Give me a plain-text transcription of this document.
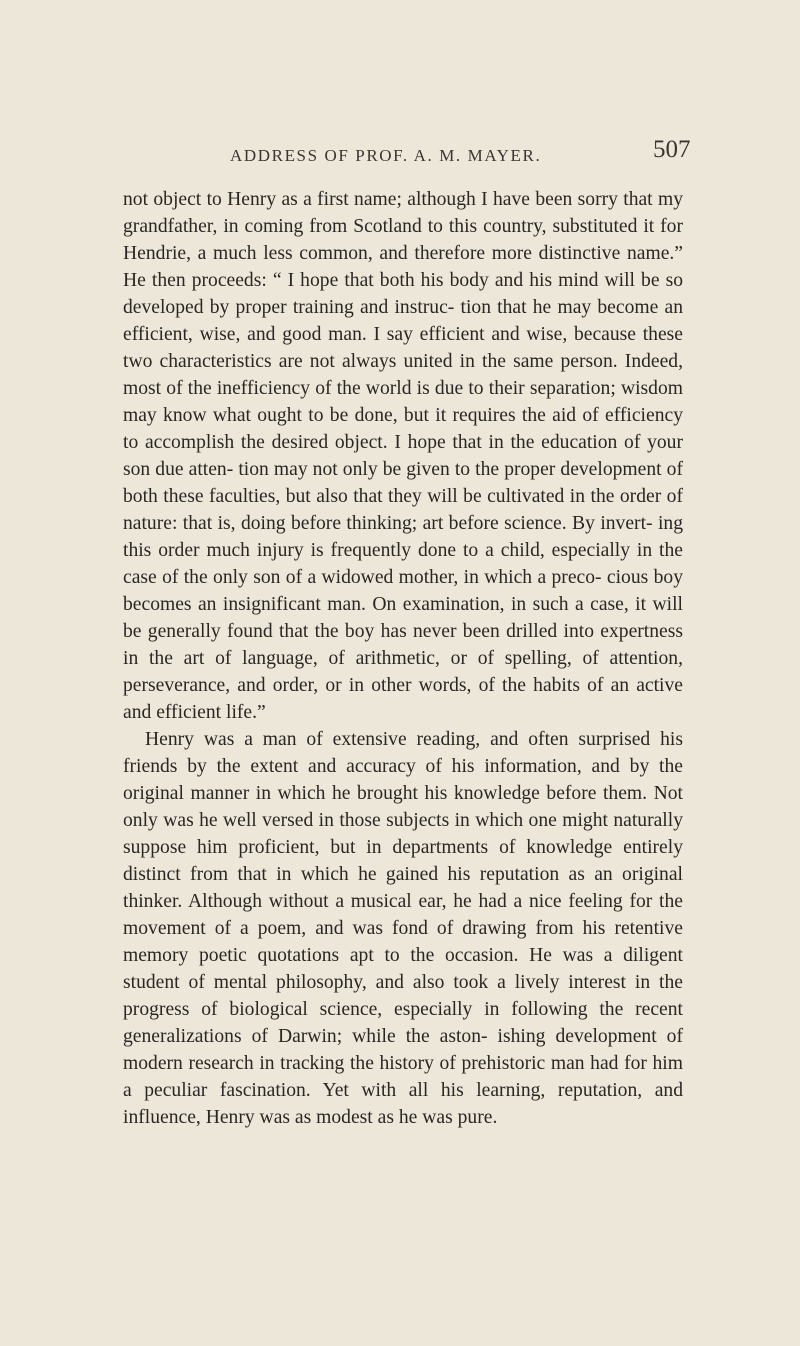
ADDRESS OF PROF. A. M. MAYER.	507

not object to Henry as a first name; although I have been sorry that my grandfather, in coming from Scotland to this country, substituted it for Hendrie, a much less common, and therefore more distinctive name.” He then proceeds: “ I hope that both his body and his mind will be so developed by proper training and instruc- tion that he may become an efficient, wise, and good man. I say efficient and wise, because these two characteristics are not always united in the same person. Indeed, most of the inefficiency of the world is due to their separation; wisdom may know what ought to be done, but it requires the aid of efficiency to accomplish the desired object. I hope that in the education of your son due atten- tion may not only be given to the proper development of both these faculties, but also that they will be cultivated in the order of nature: that is, doing before thinking; art before science. By invert- ing this order much injury is frequently done to a child, especially in the case of the only son of a widowed mother, in which a preco- cious boy becomes an insignificant man. On examination, in such a case, it will be generally found that the boy has never been drilled into expertness in the art of language, of arithmetic, or of spelling, of attention, perseverance, and order, or in other words, of the habits of an active and efficient life.”

Henry was a man of extensive reading, and often surprised his friends by the extent and accuracy of his information, and by the original manner in which he brought his knowledge before them. Not only was he well versed in those subjects in which one might naturally suppose him proficient, but in departments of knowledge entirely distinct from that in which he gained his reputation as an original thinker. Although without a musical ear, he had a nice feeling for the movement of a poem, and was fond of drawing from his retentive memory poetic quotations apt to the occasion. He was a diligent student of mental philosophy, and also took a lively interest in the progress of biological science, especially in following the recent generalizations of Darwin; while the aston- ishing development of modern research in tracking the history of prehistoric man had for him a peculiar fascination. Yet with all his learning, reputation, and influence, Henry was as modest as he was pure.
